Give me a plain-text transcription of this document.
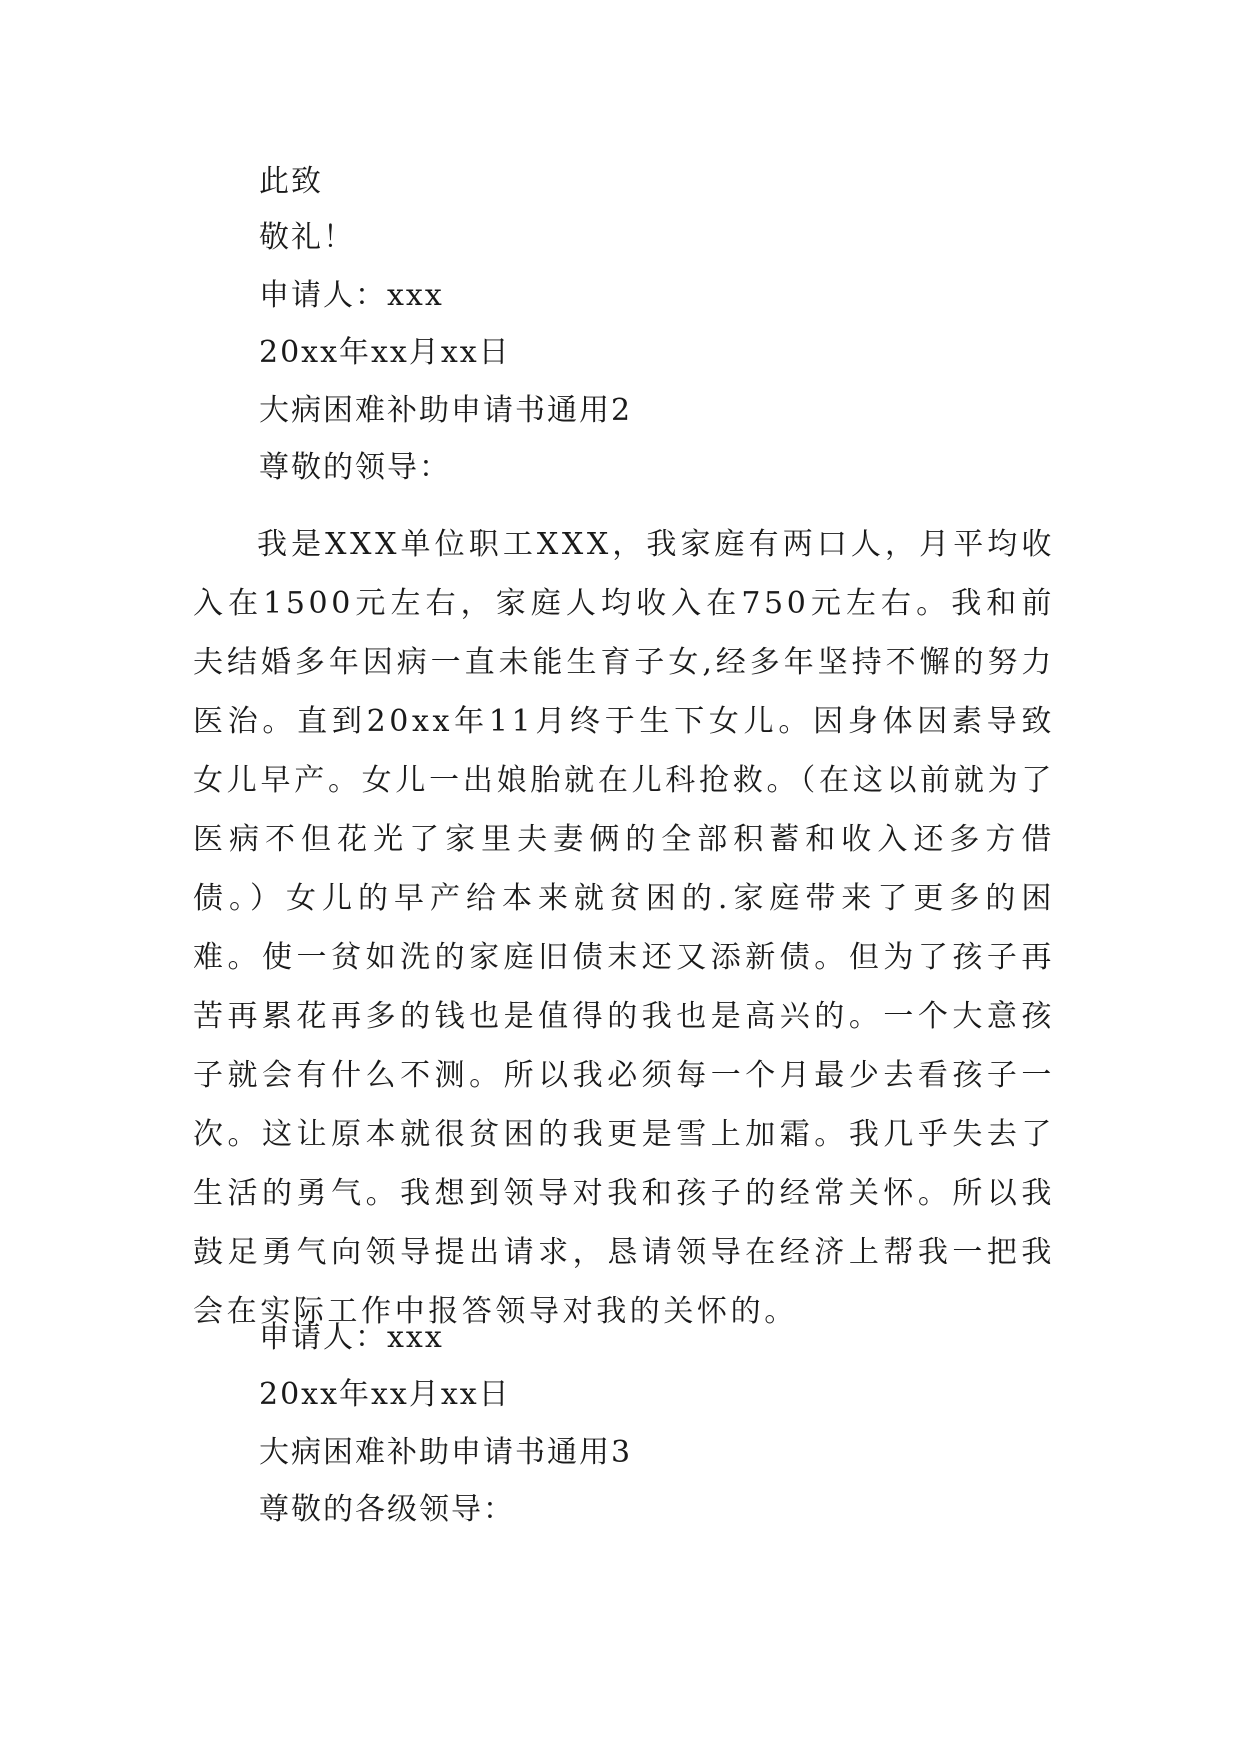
此致
敬礼！
申请人：xxx
20xx年xx月xx日
大病困难补助申请书通用2
尊敬的领导：

我是XXX单位职工XXX，我家庭有两口人，月平均收入在1500元左右，家庭人均收入在750元左右。我和前夫结婚多年因病一直未能生育子女,经多年坚持不懈的努力医治。直到20xx年11月终于生下女儿。因身体因素导致女儿早产。女儿一出娘胎就在儿科抢救。（在这以前就为了医病不但花光了家里夫妻俩的全部积蓄和收入还多方借债。）女儿的早产给本来就贫困的.家庭带来了更多的困难。使一贫如洗的家庭旧债末还又添新债。但为了孩子再苦再累花再多的钱也是值得的我也是高兴的。一个大意孩子就会有什么不测。所以我必须每一个月最少去看孩子一次。这让原本就很贫困的我更是雪上加霜。我几乎失去了生活的勇气。我想到领导对我和孩子的经常关怀。所以我鼓足勇气向领导提出请求，恳请领导在经济上帮我一把我会在实际工作中报答领导对我的关怀的。

申请人：xxx
20xx年xx月xx日
大病困难补助申请书通用3
尊敬的各级领导：
